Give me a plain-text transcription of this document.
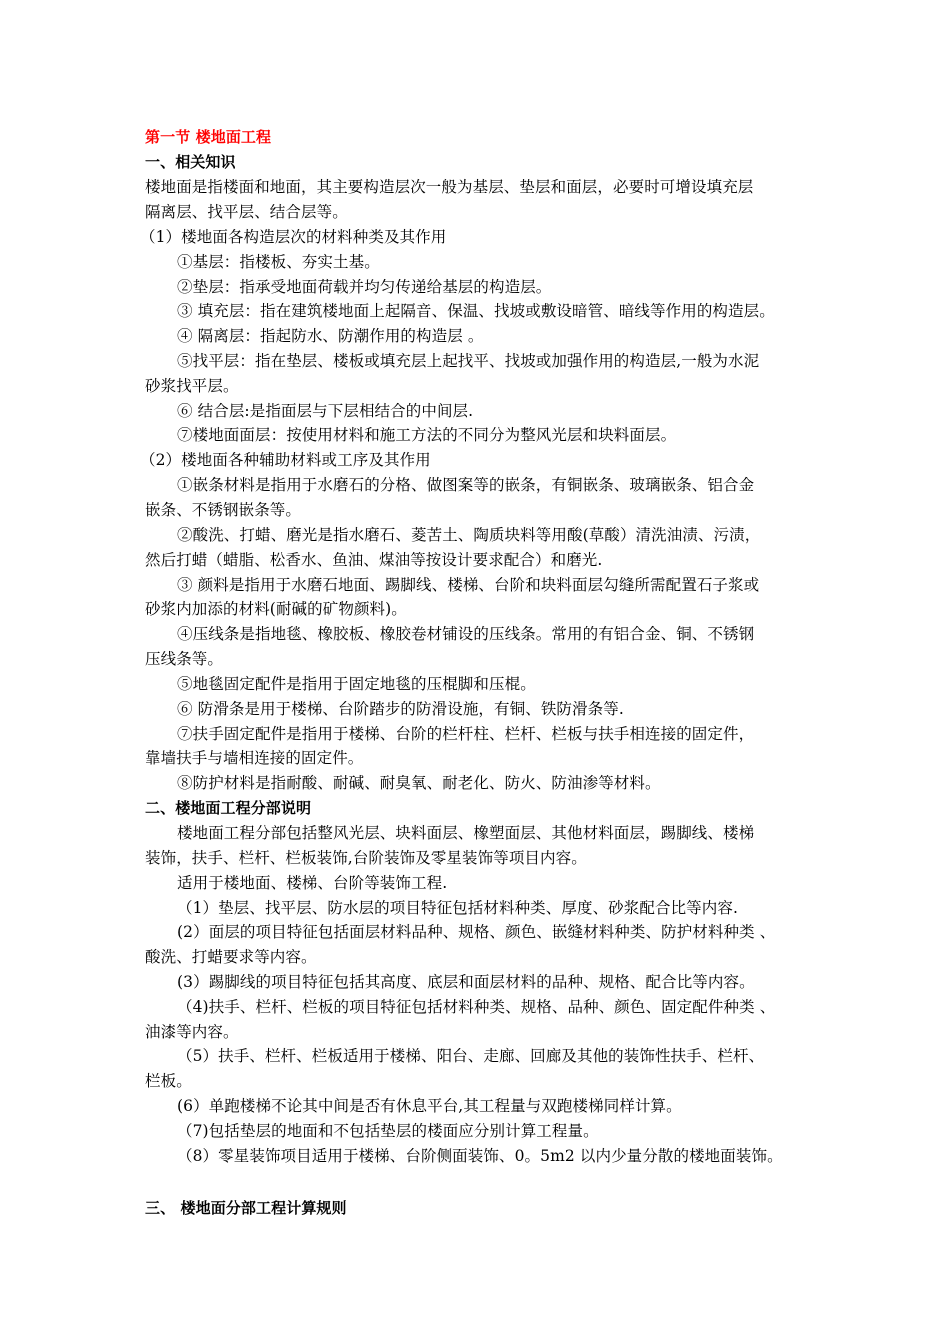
第一节 楼地面工程
一、相关知识
楼地面是指楼面和地面，其主要构造层次一般为基层、垫层和面层，必要时可增设填充层
隔离层、找平层、结合层等。
（1）楼地面各构造层次的材料种类及其作用
①基层：指楼板、夯实土基。
②垫层：指承受地面荷载并均匀传递给基层的构造层。
③ 填充层：指在建筑楼地面上起隔音、保温、找坡或敷设暗管、暗线等作用的构造层。
④ 隔离层：指起防水、防潮作用的构造层 。
⑤找平层：指在垫层、楼板或填充层上起找平、找坡或加强作用的构造层,一般为水泥
砂浆找平层。
⑥ 结合层:是指面层与下层相结合的中间层.
⑦楼地面面层：按使用材料和施工方法的不同分为整风光层和块料面层。
（2）楼地面各种辅助材料或工序及其作用
①嵌条材料是指用于水磨石的分格、做图案等的嵌条，有铜嵌条、玻璃嵌条、铝合金
嵌条、不锈钢嵌条等。
②酸洗、打蜡、磨光是指水磨石、菱苦土、陶质块料等用酸(草酸）清洗油渍、污渍，
然后打蜡（蜡脂、松香水、鱼油、煤油等按设计要求配合）和磨光.
③ 颜料是指用于水磨石地面、踢脚线、楼梯、台阶和块料面层勾缝所需配置石子浆或
砂浆内加添的材料(耐碱的矿物颜料)。
④压线条是指地毯、橡胶板、橡胶卷材铺设的压线条。常用的有铝合金、铜、不锈钢
压线条等。
⑤地毯固定配件是指用于固定地毯的压棍脚和压棍。
⑥ 防滑条是用于楼梯、台阶踏步的防滑设施，有铜、铁防滑条等.
⑦扶手固定配件是指用于楼梯、台阶的栏杆柱、栏杆、栏板与扶手相连接的固定件，
靠墙扶手与墙相连接的固定件。
⑧防护材料是指耐酸、耐碱、耐臭氧、耐老化、防火、防油渗等材料。
二、楼地面工程分部说明
楼地面工程分部包括整风光层、块料面层、橡塑面层、其他材料面层，踢脚线、楼梯
装饰，扶手、栏杆、栏板装饰,台阶装饰及零星装饰等项目内容。
适用于楼地面、楼梯、台阶等装饰工程.
（1）垫层、找平层、防水层的项目特征包括材料种类、厚度、砂浆配合比等内容.
(2）面层的项目特征包括面层材料品种、规格、颜色、嵌缝材料种类、防护材料种类 、
酸洗、打蜡要求等内容。
(3）踢脚线的项目特征包括其高度、底层和面层材料的品种、规格、配合比等内容。
（4)扶手、栏杆、栏板的项目特征包括材料种类、规格、品种、颜色、固定配件种类 、
油漆等内容。
（5）扶手、栏杆、栏板适用于楼梯、阳台、走廊、回廊及其他的装饰性扶手、栏杆、
栏板。
(6）单跑楼梯不论其中间是否有休息平台,其工程量与双跑楼梯同样计算。
（7)包括垫层的地面和不包括垫层的楼面应分别计算工程量。
（8）零星装饰项目适用于楼梯、台阶侧面装饰、0。5m2 以内少量分散的楼地面装饰。
三、 楼地面分部工程计算规则
